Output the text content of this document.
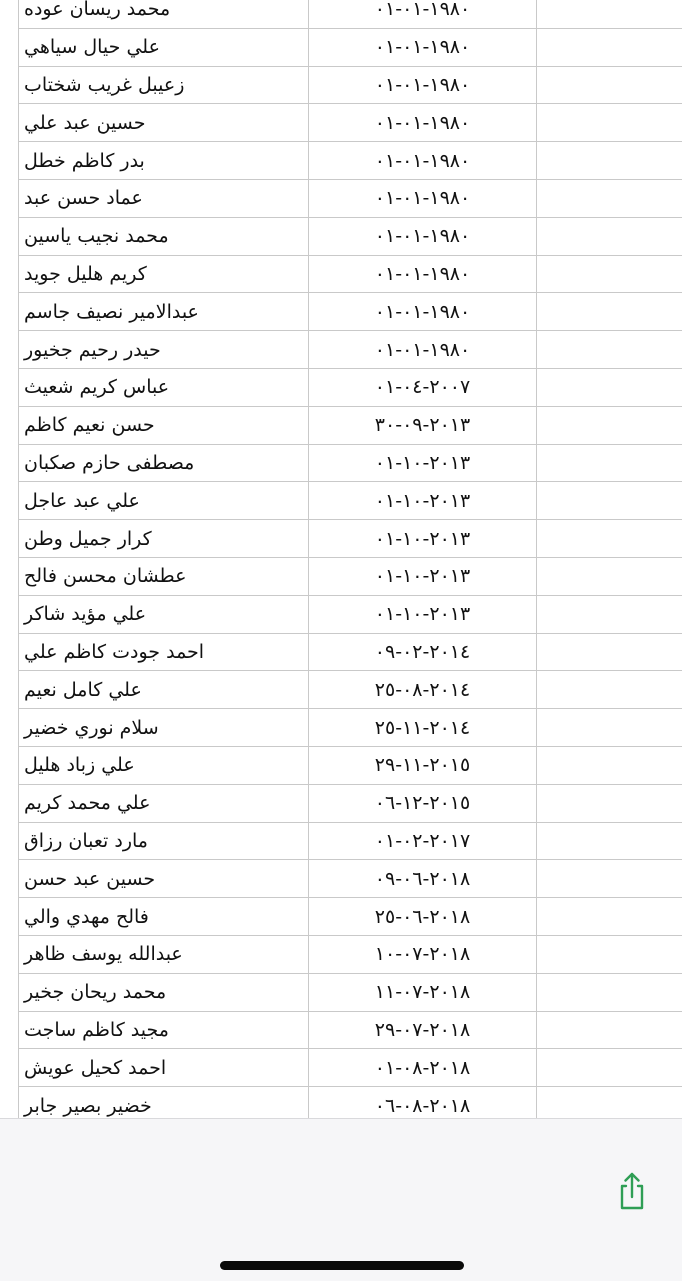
محمد ريسان عوده	١٩٨٠-٠١-٠١
علي حيال سياهي	١٩٨٠-٠١-٠١
زعيبل غريب شختاب	١٩٨٠-٠١-٠١
حسين عبد علي	١٩٨٠-٠١-٠١
بدر كاظم خطل	١٩٨٠-٠١-٠١
عماد حسن عبد	١٩٨٠-٠١-٠١
محمد نجيب ياسين	١٩٨٠-٠١-٠١
كريم هليل جويد	١٩٨٠-٠١-٠١
عبدالامير نصيف جاسم	١٩٨٠-٠١-٠١
حيدر رحيم جخيور	١٩٨٠-٠١-٠١
عباس كريم شعيث	٢٠٠٧-٠٤-٠١
حسن نعيم كاظم	٢٠١٣-٠٩-٣٠
مصطفى حازم صكبان	٢٠١٣-١٠-٠١
علي عبد عاجل	٢٠١٣-١٠-٠١
كرار جميل وطن	٢٠١٣-١٠-٠١
عطشان محسن فالح	٢٠١٣-١٠-٠١
علي مؤيد شاكر	٢٠١٣-١٠-٠١
احمد جودت كاظم علي	٢٠١٤-٠٢-٠٩
علي كامل نعيم	٢٠١٤-٠٨-٢٥
سلام نوري خضير	٢٠١٤-١١-٢٥
علي زباد هليل	٢٠١٥-١١-٢٩
علي محمد كريم	٢٠١٥-١٢-٠٦
مارد تعبان رزاق	٢٠١٧-٠٢-٠١
حسين عبد حسن	٢٠١٨-٠٦-٠٩
فالح مهدي والي	٢٠١٨-٠٦-٢٥
عبدالله يوسف ظاهر	٢٠١٨-٠٧-١٠
محمد ريحان جخير	٢٠١٨-٠٧-١١
مجيد كاظم ساجت	٢٠١٨-٠٧-٢٩
احمد كحيل عويش	٢٠١٨-٠٨-٠١
خضير بصير جابر	٢٠١٨-٠٨-٠٦
